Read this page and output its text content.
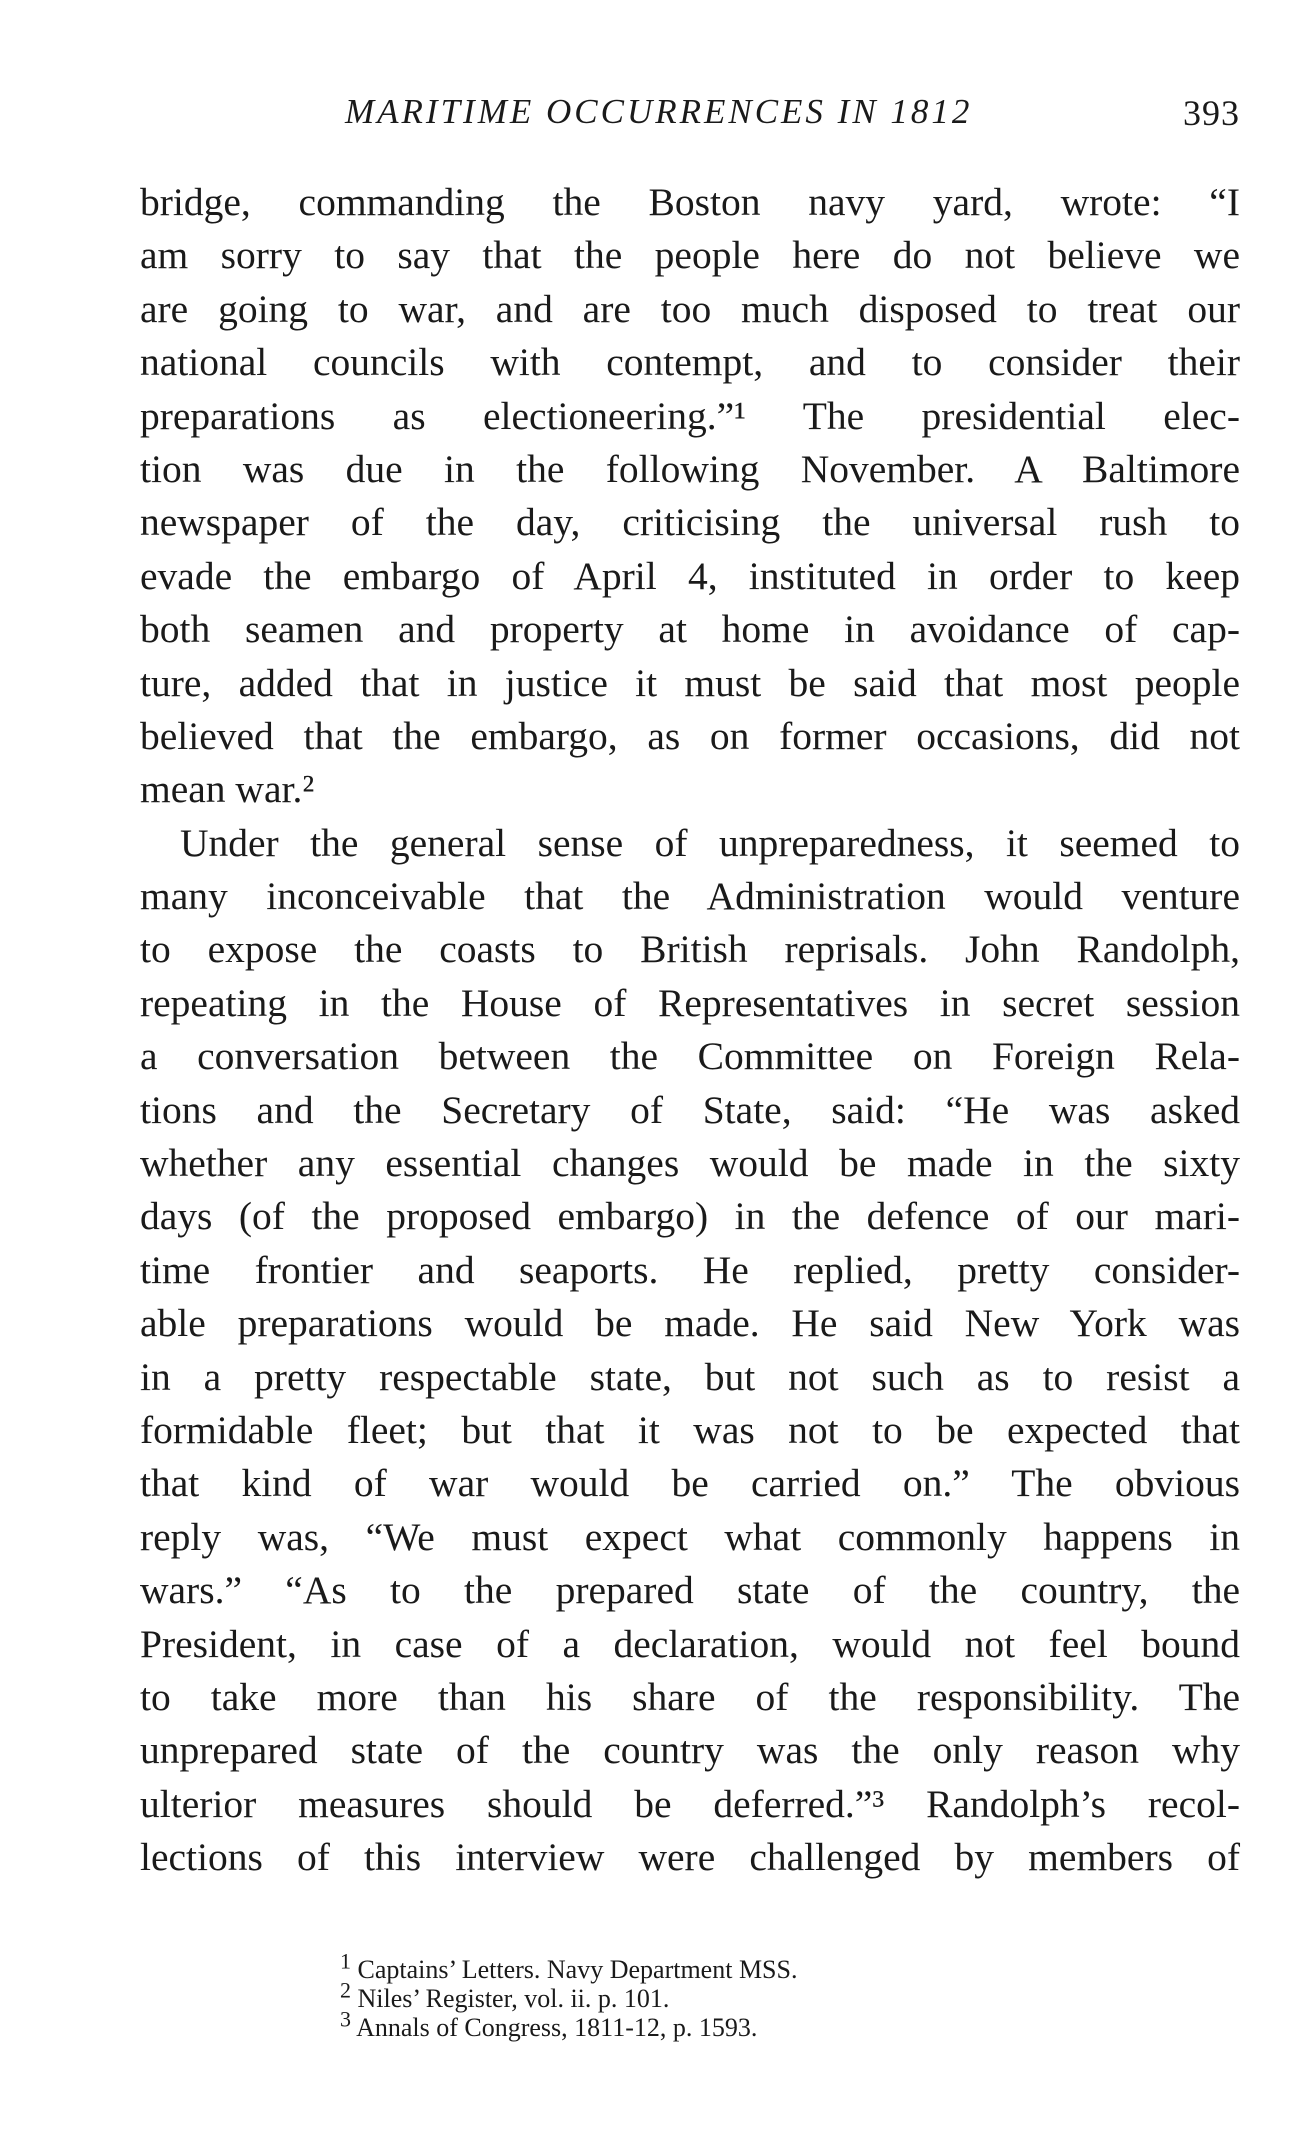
MARITIME OCCURRENCES IN 1812	393
bridge, commanding the Boston navy yard, wrote: “I
am sorry to say that the people here do not believe we
are going to war, and are too much disposed to treat our
national councils with contempt, and to consider their
preparations as electioneering.”¹ The presidential elec-
tion was due in the following November. A Baltimore
newspaper of the day, criticising the universal rush to
evade the embargo of April 4, instituted in order to keep
both seamen and property at home in avoidance of cap-
ture, added that in justice it must be said that most people
believed that the embargo, as on former occasions, did not
mean war.²
Under the general sense of unpreparedness, it seemed to
many inconceivable that the Administration would venture
to expose the coasts to British reprisals. John Randolph,
repeating in the House of Representatives in secret session
a conversation between the Committee on Foreign Rela-
tions and the Secretary of State, said: “He was asked
whether any essential changes would be made in the sixty
days (of the proposed embargo) in the defence of our mari-
time frontier and seaports. He replied, pretty consider-
able preparations would be made. He said New York was
in a pretty respectable state, but not such as to resist a
formidable fleet; but that it was not to be expected that
that kind of war would be carried on.” The obvious
reply was, “We must expect what commonly happens in
wars.” “As to the prepared state of the country, the
President, in case of a declaration, would not feel bound
to take more than his share of the responsibility. The
unprepared state of the country was the only reason why
ulterior measures should be deferred.”³ Randolph’s recol-
lections of this interview were challenged by members of
$^1$ Captains’ Letters. Navy Department MSS.
$^2$ Niles’ Register, vol. ii. p. 101.
$^3$ Annals of Congress, 1811-12, p. 1593.
